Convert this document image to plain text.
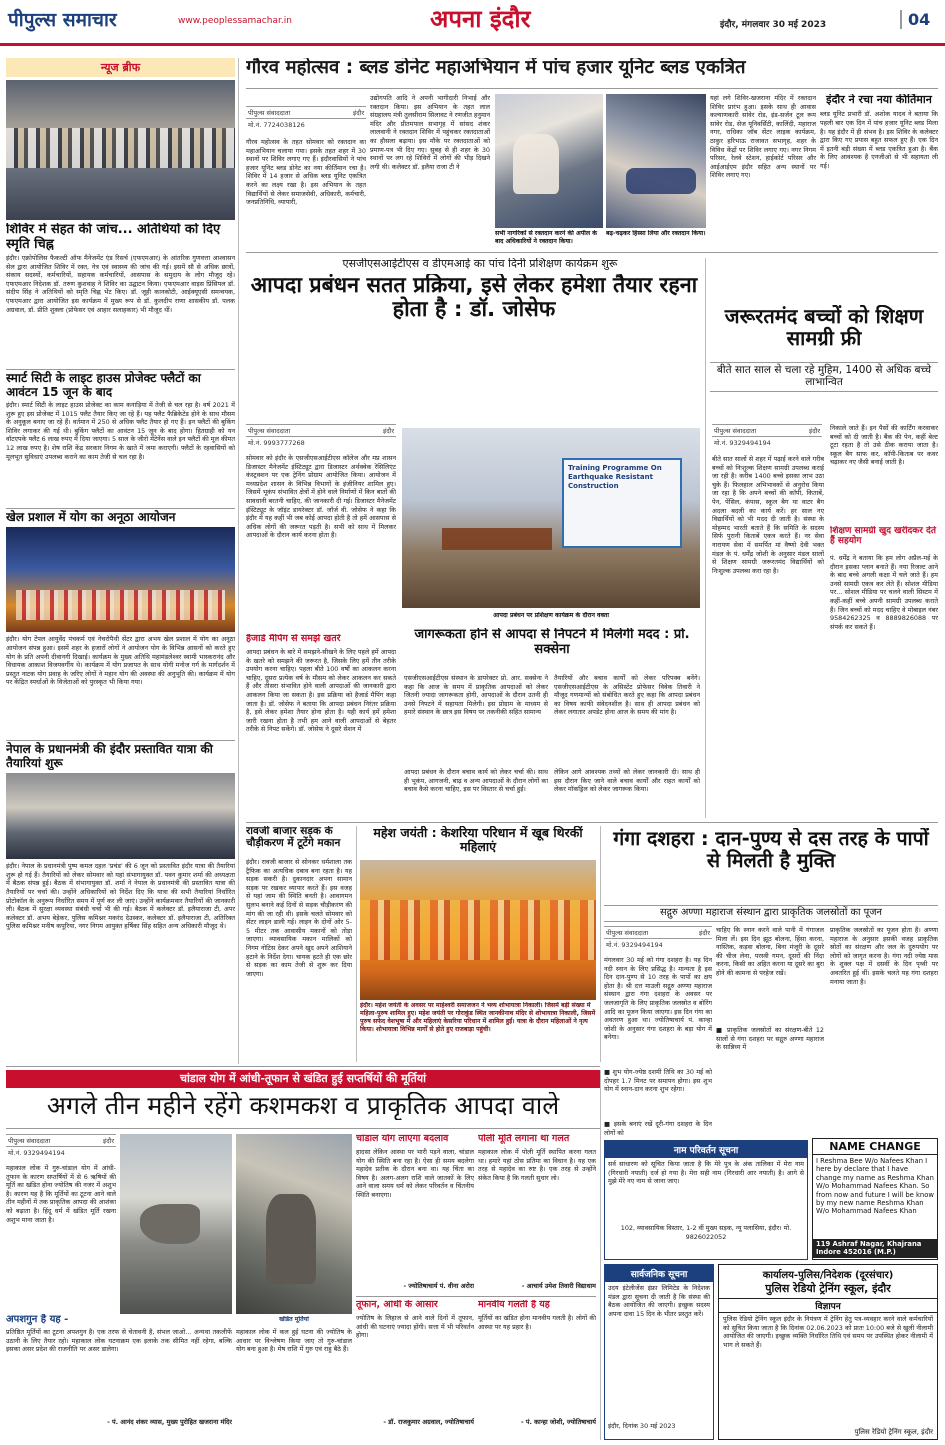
पीपुल्स समाचार	www.peoplessamachar.in	अपना इंदौर	इंदौर, मंगलवार 30 मई 2023	04
न्यूज ब्रीफ
शिविर में सेहत की जांच... अतिथियों को दिए स्मृति चिह्न
इंदौर। एक्रोपोलिस फैकल्टी ऑफ मैनेजमेंट एंड रिसर्च (एफएमआर) के आंतरिक गुणवत्ता आश्वासन सेल द्वारा आयोजित शिविर में रक्त, नेत्र एवं स्वास्थ्य की जांच की गई। इसमें सौ से अधिक छात्रों, संकाय सदस्यों, कर्मचारियों, सहायक कर्मचारियों, आसपास के समुदाय के लोग मौजूद रहे। एफएमआर निदेशक डॉ. तरुण कुशवाह ने शिविर का उद्घाटन किया। एफएमआर वाइस प्रिंसिपल डॉ. संदीप सिंह ने अतिथियों को स्मृति चिह्न भेंट किए। डॉ. जूही कानकोटी, आईक्यूएसी समन्वयक, एफएमआर द्वारा आयोजित इस कार्यक्रम में मुख्य रूप से डॉ. कुलदीप राणा शासकीय डॉ. पलक अग्रवाल, डॉ. प्रीति शुक्ला (प्रोफेसर एवं आहार सलाहकार) भी मौजूद थीं।
स्मार्ट सिटी के लाइट हाउस प्रोजेक्ट फ्लैटों का आवंटन 15 जून के बाद
इंदौर। स्मार्ट सिटी के लाइट हाउस प्रोजेक्ट का काम कनाड़िया में तेजी से चल रहा है। वर्ष 2021 में शुरू हुए इस प्रोजेक्ट में 1015 फ्लैट तैयार किए जा रहे हैं। यह फ्लैट फैब्रिकेटेड होने के साथ मौसम के अनुकूल बनाए जा रहे हैं। वर्तमान में 250 से अधिक फ्लैट तैयार हो गए हैं। इन फ्लैटों की बुकिंग शिविर लगाकर की गई थी। बुकिंग फ्लैटों का आवंटन 15 जून के बाद होगा। हितग्राही को यन वॉटएपके फ्लैट 6 लाख रुपए में दिया जाएगा। 5 साल के जीरो मेंटेनेंस वाले इन फ्लैटों की मूल कीमत 12 लाख रुपए है। शेष राशि केंद्र सरकार निगम के खाते में जमा कराएगी। फ्लैटों के रहवासियों को मूलभूत सुविधाएं उपलब्ध कराने का काम तेजी से चल रहा है।
खेल प्रशाल में योग का अनूठा आयोजन
इंदौर। योग टेंपल आयुर्वेद पंचकर्म एवं नेचरोपैथी सेंटर द्वारा अभय खेल प्रशाल में योग का अनूठा आयोजन संपन्न हुआ। इसमें शहर के हजारों लोगों ने आयोजन योग के विभिन्न आसनों को करते हुए योग के प्रति अपनी दीवानगी दिखाई। कार्यक्रम के मुख्य अतिथि महामंडलेश्वर स्वामी भास्करानंद और विधायक आकाश विजयवर्गीय थे। कार्यक्रम में योग प्रजापत के साथ योगी मनोज गर्ग के मार्गदर्शन में प्रस्तुत नाटक योग प्रवाह के जरिए लोगों ने महान योग की अवस्था की अनुभूति की। कार्यक्रम में योग पर केंद्रित स्पर्धाओं के विजेताओं को पुरस्कृत भी किया गया।
नेपाल के प्रधानमंत्री की इंदौर प्रस्तावित यात्रा की तैयारियां शुरू
इंदौर। नेपाल के प्रधानमंत्री पुष्प कमल दहल 'प्रचंड' की 6 जून को प्रस्तावित इंदौर यात्रा की तैयारियां शुरू हो गई हैं। तैयारियों को लेकर सोमवार को यहां संभागायुक्त डॉ. पवन कुमार शर्मा की अध्यक्षता में बैठक संपन्न हुई। बैठक में संभागायुक्त डॉ. शर्मा ने नेपाल के प्रधानमंत्री की प्रस्तावित यात्रा की तैयारियों पर चर्चा की। उन्होंने अधिकारियों को निर्देश दिए कि यात्रा की सभी तैयारियां निर्धारित प्रोटोकॉल के अनुरूप निर्धारित समय में पूर्ण कर ली जाएं। उन्होंने कार्यक्रमवार तैयारियों की जानकारी ली। बैठक में सुरक्षा व्यवस्था संबंधी चर्चा भी की गई। बैठक में कलेक्टर डॉ. इलैयाराजा टी, अपर कलेक्टर डॉ. अभय बेड़ेकर, पुलिस कमिश्नर मकरंद देउस्कर, कलेक्टर डॉ. इलैयाराजा टी, अतिरिक्त पुलिस कमिश्नर मनीष कपूरिया, नगर निगम आयुक्त हर्षिका सिंह सहित अन्य अधिकारी मौजूद थे।
गौरव महोत्सव : ब्लड डोनेट महाअभियान में पांच हजार यूनिट ब्लड एकत्रित
पीपुल्स संवाददाता	इंदौर
मो.नं. 7724038126
गौरव महोत्सव के तहत सोमवार को रक्तदान का महाअभियान चलाया गया। इसके तहत शहर में 30 स्थानों पर शिविर लगाए गए हैं। इंदौरवासियों ने पांच हजार यूनिट ब्लड डोनेट का नया कीर्तिमान रचा है। शिविर में 14 हजार से अधिक ब्लड यूनिट एकत्रित करने का लक्ष्य रखा है। इस अभियान के तहत विद्यार्थियों से लेकर समाजसेवी, अधिकारी, कर्मचारी, जनप्रतिनिधि, व्यापारी,
उद्योगपति आदि ने अपनी भागीदारी निभाई और रक्तदान किया। इस अभियान के तहत लाल संग्रहालय मंत्री तुलसीराम सिलावट ने रणजीत हनुमान मंदिर और प्रीतमपाल सभागृह में सांसद शंकर लालवानी ने रक्तदान शिविर में पहुंचकर रक्तदाताओं का हौसला बढ़ाया। इस मौके पर रक्तदाताओं को प्रमाण-पत्र भी दिए गए। सुबह से ही शहर के 30 स्थानों पर लग रहे शिविरों में लोगों की भीड़ दिखने लगी थी। कलेक्टर डॉ. इलैया राजा टी ने
सभी नागरिकों से रक्तदान करने की अपील के बाद अधिकारियों ने रक्तदान किया।
बढ़-चढ़कर हिस्सा लिया और रक्तदान किया।
यहां लगे शिविर-खजराना मंदिर में रक्तदान शिविर प्रारंभ हुआ। इसके साथ ही आवास कल्याणकारी सांवेर रोड, इंड-सर्जन टूल रूम सांवेर रोड, सेज यूनिवर्सिटी, कालिंदी, महाराज नगर, राधिका जॉब सेंटर लाइक कार्यक्रम, ठाकुर हरिभाऊ राजावत सभागृह, शहर के विविध केंद्रों पर शिविर लगाए गए। नगर निगम परिसर, रेलवे स्टेशन, हाईकोर्ट परिसर और आईआईएम इंदौर सहित अन्य स्थानों पर शिविर लगाए गए।
इंदौर ने रचा नया कीर्तिमान
ब्लड यूनिट प्रभारी डॉ. अशोक यादव ने बताया कि पहली बार एक दिन में पांच हजार यूनिट ब्लड मिला है। यह इंदौर में ही संभव है। इस शिविर के कलेक्टर द्वारा किए गए प्रयास बहुत सफल हुए हैं। एक दिन में इतनी बड़ी संख्या में ब्लड एकत्रित हुआ है। बैंक के लिए आवश्यक है एनजीओ से भी सहायता ली गई।
एसजीएसआईटीएस व डीएमआई का पांच दिनी प्रशिक्षण कार्यक्रम शुरू
आपदा प्रबंधन सतत प्रक्रिया, इसे लेकर हमेशा तैयार रहना होता है : डॉ. जोसेफ
पीपुल्स संवाददाता	इंदौर
मो.नं. 9993777268
सोमवार को इंदौर के एसजीएसआईटीएस कॉलेज और मप्र शासन डिजास्टर मैनेजमेंट इंस्टिट्यूट द्वारा डिजास्टर अर्थक्वेक रेसिलिएंट कंस्ट्रक्शन पर एक ट्रेनिंग प्रोग्राम आयोजित किया। आयोजन में मध्यप्रदेश शासन के विभिन्न विभागों के इंजीनियर शामिल हुए। जिसमें भूकंप संभावित क्षेत्रों में होने वाले निर्माणों में किन बातों की सावधानी बरतनी चाहिए, की जानकारी दी गई। डिजास्टर मैनेजमेंट इंस्टिट्यूट के जॉइंट डायरेक्टर डॉ. जॉर्ज वी. जोसेफ ने कहा कि इंदौर में यह कहीं भी जब कोई आपदा होती है तो हमें आसपास से अधिक लोगों की जरूरत पड़ती है। सभी को साथ में मिलकर आपदाओं के दौरान कार्य करना होता है।
Training Programme On Earthquake Resistant Construction
आपदा प्रबंधन पर प्रशिक्षण कार्यक्रम के दौरान वक्ता
हैजार्ड मैपिंग से समझें खतरे
आपदा प्रबंधन के बारे में समझने-सीखने के लिए पहले हमें आपदा के खतरे को समझने की जरूरत है, जिसके लिए हमें तीन तरीके उपयोग करना चाहिए। पहला बीते 100 वर्षों का आकलन करना चाहिए, दूसरा प्रत्येक वर्ष के मौसम को लेकर आकलन कर सकते हैं और तीसरा संभावित होने वाली आपदाओं की जानकारी द्वारा आकलन किया जा सकता है। इस प्रक्रिया को हैजार्ड मैपिंग कहा जाता है। डॉ. जोसेफ ने बताया कि आपदा प्रबंधन निरंतर प्रक्रिया है, इसे लेकर हमेशा तैयार होना होता है। यही कार्य हमें हमेशा जारी रखना होता है तभी हम आने वाली आपदाओं से बेहतर तरीके से निपट सकेंगे। डॉ. जोसेफ ने दूसरे सेशन में
जागरूकता होने से आपदा से निपटने में मिलेगी मदद : प्रो. सक्सेना
एसजीएसआईटीएस संस्थान के डायरेक्टर प्रो. आर. सक्सेना ने कहा कि आज के समय में प्राकृतिक आपदाओं को लेकर जितनी ज्यादा जागरूकता होगी, आपदाओं के दौरान उतनी ही उनसे निपटने में सहायता मिलेगी। इस प्रोग्राम के माध्यम से हमारे संस्थान के छात्र इस विषय पर तकनीकी सहित सामान्य
तैयारियों और बचाव कार्यों को लेकर परिपक्व बनेंगे। एसजीएसआईटीएस के असिस्टेंट प्रोफेसर विवेक तिवारी ने मौजूद गणमान्यों को संबोधित करते हुए कहा कि आपदा प्रबंधन का विषय काफी संवेदनशील है। साथ ही आपदा प्रबंधन को लेकर लगातार अपडेट होना आज के समय की मांग है।
आपदा प्रबंधन के दौरान बचाव कार्य को लेकर चर्चा की। साथ ही भूकंप, आगजनी, बाढ़ व अन्य आपदाओं के दौरान लोगों का बचाव कैसे करना चाहिए, इस पर विस्तार से चर्चा हुई।
लेकिन आगे आवश्यक तथ्यों को लेकर जानकारी दी। साथ ही इस दौरान किए जाने वाले बचाव कार्यों और राहत कार्यों को लेकर मॉकड्रिल को लेकर जागरूक किया।
जरूरतमंद बच्चों को शिक्षण सामग्री फ्री
बीते सात साल से चला रहे मुहिम, 1400 से अधिक बच्चे लाभान्वित
पीपुल्स संवाददाता	इंदौर
मो.नं. 9329494194
बीते सात सालों से शहर में पढ़ाई करने वाले गरीब बच्चों को निःशुल्क शिक्षण सामग्री उपलब्ध कराई जा रही है। करीब 1400 बच्चे इसका लाभ उठा चुके हैं। फिलहाल अभिभावकों से अनुरोध किया जा रहा है कि अपने बच्चों की कॉपी, किताबें, पेन, पेंसिल, कंपास, स्कूल बैग या वाटर बैग अदला बदली का कार्य करें। हर साल नए विद्यार्थियों को भी मदद दी जाती है। संस्था के मोहम्मद भारती बताते हैं कि समिति के सदस्य सिर्फ पुरानी किताबें एकत्र करते हैं। नर सेवा नारायण सेवा में समर्पित मां वैष्णो देवी भक्त मंडल के पं. धर्मेंद्र जोशी के अनुसार मंडल सालों से शिक्षण सामग्री जरूरतमंद विद्यार्थियों को निःशुल्क उपलब्ध करा रहा है।
निकाले जाते हैं। इन पैसों की कार्टिंग करवाकर बच्चों को दी जाती है। बैंक की पेन, कहीं बेल्ट टूटा रहता है तो उसे ठीक कराया जाता है। स्कूल बैग साफ कर, कॉपी-किताब पर कवर चढ़ाकर नए जैसी बनाई जाती है।
शिक्षण सामग्री खुद खरीदकर देते हैं सहयोग
पं. धर्मेंद्र ने बताया कि हम लोग अप्रैल-मई के दौरान इसका प्लान बनाते हैं। नया रिजल्ट आने के बाद बच्चे अगली कक्षा में चले जाते हैं। हम उनसे सामग्री एकत्र कर लेते हैं। सोशल मीडिया पर... सोशल मीडिया पर चलने वाली सिस्टम में कहीं-कहीं बच्चे अपनी सामग्री उपलब्ध कराते हैं। जिन बच्चों को मदद चाहिए वे मोबाइल नंबर 9584262325 व 8889826088 पर संपर्क कर सकते हैं।
रावजी बाजार सड़क के चौड़ीकरण में टूटेंगे मकान
इंदौर। रावजी बाजार से सोनकर धर्मशाला तक ट्रैफिक का अत्यधिक दबाव बना रहता है। यह सड़क सकरी है। दुकानदार अपना सामान सड़क पर रखकर व्यापार करते हैं। इस वजह से यहां जाम की स्थिति बनती है। आवागमन सुलभ बनाने कई दिनों से सड़क चौड़ीकरण की मांग की जा रही थी। इसके चलते सोमवार को सेंटर लाइन डाली गई। लाइन के दोनों ओर 5-5 मीटर तक आवासीय मकानों को तोड़ा जाएगा। व्यावसायिक मकान मालिकों को निगम नोटिस देकर अपने खुद अपने आशियाने हटाने के निर्देश देगा। चायक हटते ही एक छोर से सड़क का काम तेजी से शुरू कर दिया जाएगा।
महेश जयंती : केशरिया परिधान में खूब थिरकीं महिलाएं
इंदौर। महेश जयंती के अवसर पर माहेश्वरी समाजजन ने भव्य शोभायात्रा निकाली। जिसमें बड़ी संख्या में महिला-पुरुष शामिल हुए। महेश जयंती पर गोराकुंड स्थित जानकीनाथ मंदिर से शोभायात्रा निकाली, जिसमें पुरुष सफेद वेशभूषा में और महिलाएं केसरिया परिधान में शामिल हुईं। यात्रा के दौरान महिलाओं ने नृत्य किया। शोभायात्रा विभिन्न मार्गों से होते हुए राजबाड़ा पहुंची।
गंगा दशहरा : दान-पुण्य से दस तरह के पापों से मिलती है मुक्ति
सद्गुरु अण्णा महाराज संस्थान द्वारा प्राकृतिक जलस्रोतों का पूजन
पीपुल्स संवाददाता	इंदौर
मो.नं. 9329494194
मंगलवार 30 मई को गंगा दशहरा है। यह दिन नदी स्नान के लिए प्रसिद्ध है। मान्यता है इस दिन दान-पुण्य से 10 तरह के पापों का क्षय होता है। श्री दत्त माउली सद्गुरु अण्णा महाराज संस्थान द्वारा गंगा दशहरा के अवसर पर जलजागृति के लिए प्राकृतिक जलस्रोत व बोरिंग आदि का पूजन किया जाएगा। इस दिन गंगा का अवतरण हुआ था। ज्योतिषाचार्य पं. कान्हा जोशी के अनुसार गंगा दशहरा के बड़ा योग में बनेगा।
■ शुभ योग-ज्येष्ठ दशमी तिथि का 30 मई को दोपहर 1.7 मिनट पर समापन होगा। इस शुभ योग में स्नान-दान करना शुभ रहेगा।
■ इसके बनाएं रखें दूरी-गंगा दशहरा के दिन लोगों को
चाहिए कि स्नान करने वाले पानी में गंगाजल मिला लें। इस दिन झूठ बोलना, हिंसा करना, नास्तिक, कड़वा बोलना, बिना मंजूरी के दूसरे की चीज लेना, परस्त्री गमन, दूसरों की निंदा करना, किसी का अहित करना या दूसरे का बुरा होने की कामना से परहेज रखें।
■ प्राकृतिक जलस्रोतों का संरक्षण-बीते 12 सालों से गंगा दशहरा पर सद्गुरु अण्णा महाराज के सान्निध्य में
प्राकृतिक जलस्रोतों का पूजन होता है। अण्णा महाराज के अनुसार इसकी वजह प्राकृतिक स्रोतों का संरक्षण और जल के दुरुपयोग पर लोगों को जागृत करना है। गंगा नदी ज्येष्ठ मास के शुक्ल पक्ष में दसवीं के दिन पृथ्वी पर अवतरित हुई थीं। इसके चलते यह गंगा दशहरा मनाया जाता है।
चांडाल योग में आंधी-तूफान से खंडित हुई सप्तर्षियों की मूर्तियां
अगले तीन महीने रहेंगे कशमकश व प्राकृतिक आपदा वाले
पीपुल्स संवाददाता	इंदौर
मो.नं. 9329494194
महाकाल लोक में गुरु-चांडाल योग में आंधी-तूफान के कारण सप्तर्षियों में से 6 ऋषियों की मूर्ति का खंडित होना ज्योतिष की नजर में अशुभ है। कारण यह है कि मूर्तियों का टूटना आने वाले तीन महीनों में तक प्राकृतिक आपदा की आशंका को बढ़ाता है। हिंदू धर्म में खंडित मूर्ति रखना अशुभ माना जाता है।
अपशगुन है यह -
प्रतिष्ठित मूर्तियों का टूटना अपशगुन है। एक तरफ से चेतावनी है, संभल जाओ... अन्यथा तकलीफें उठानी के लिए तैयार रहो। महाकाल लोक घटनाक्रम एक इलाके तक सीमित नहीं रहेगा, बल्कि इसका असर प्रदेश की राजनीति पर असर डालेगा।
- पं. आनंद शंकर व्यास, मुख्य पुरोहित खजराना मंदिर
खंडित मूर्तियां
महाकाल लोक में कल हुई घटना की ज्योतिष के आधार पर विश्लेषण किया जाए तो गुरु-चांडाल योग बना हुआ है। मेष राशि में गुरु एवं राहु बैठे हैं।
चांडाल योग लाएगा बदलाव
हादसा लेकिन आस्था पर भारी पड़ने वाला, चांडाल योग की स्थिति बना रहा है। ऐसा ही समय बदलेगा महादेव प्रतीक के दौरान बना था। यह चिंता का विषय है। अलग-अलग राशि वाले जातकों के लिए आने वाला समय धर्म को लेकर परिवर्तन व चिंतनीय स्थिति बनाएगा।
- ज्योतिषाचार्य पं. वीना अरोरा
पोली मूर्ति लगाना था गलत
महाकाल लोक में पोली मूर्ति स्थापित करना गलत था। हमारे यहां ठोस प्रतिमा का विधान है। यह एक तरह से महादेव का रुष्ट है। एक तरह से उन्होंने संकेत किया है कि गलती सुधार लो।
- आचार्य उमेश तिवारी विद्याधाम
तूफान, आंधी के आसार
ज्योतिष के लिहाज से आने वाले दिनों में तूफान, आंधी की घटनाएं ज्यादा होंगी। सत्ता में भी परिवर्तन होगा।
- डॉ. राजकुमार अग्रवाल, ज्योतिषाचार्य
मानवीय गलती है यह
मूर्तियों का खंडित होना मानवीय गलती है। लोगों की आस्था पर यह प्रहार है।
- पं. कान्हा जोशी, ज्योतिषाचार्य
नाम परिवर्तन सूचना
सर्व साधारण को सूचित किया जाता है कि मेरे पुत्र के अंक तालिका में मेरा नाम (गिरधारी नयाती) दर्ज हो गया है। मेरा सही नाम (गिरधारी आर नयाती) है। आगे से मुझे मेरे नए नाम से जाना जाए।
102, व्यावसायिक विस्तार, 1-2 वीं मुख्य सड़क, न्यू पलासिया, इंदौर। मो. 9826022052
NAME CHANGE
I Reshma Bee W/o Nafees Khan I here by declare that I have change my name as Reshma Khan W/o Mohammad Nafees Khan. So from now and future I will be know by my new name Reshma Khan W/o Mohammad Nafees Khan
119 Ashraf Nagar, Khajrana Indore 452016 (M.P.)
सार्वजनिक सूचना
उदय इंटेलीजेंस इंफ्रा लिमिटेड के निदेशक मंडल द्वारा सूचना दी जाती है कि संस्था की बैठक आयोजित की जाएगी। इच्छुक सदस्य अपना दावा 15 दिन के भीतर प्रस्तुत करें।
इंदौर, दिनांक 30 मई 2023
कार्यालय-पुलिस/निदेशक (दूरसंचार)
पुलिस रेडियो ट्रेनिंग स्कूल, इंदौर
विज्ञापन
पुलिस रेडियो ट्रेनिंग स्कूल इंदौर के नियंत्रण में ट्रेनिंग हेतु पत्र-व्यवहार करने वाले कर्मचारियों को सूचित किया जाता है कि दिनांक 02.06.2023 को प्रातः 10:00 बजे से खुली नीलामी आयोजित की जाएगी। इच्छुक व्यक्ति निर्धारित तिथि एवं समय पर उपस्थित होकर नीलामी में भाग ले सकते हैं।
पुलिस रेडियो ट्रेनिंग स्कूल, इंदौर
